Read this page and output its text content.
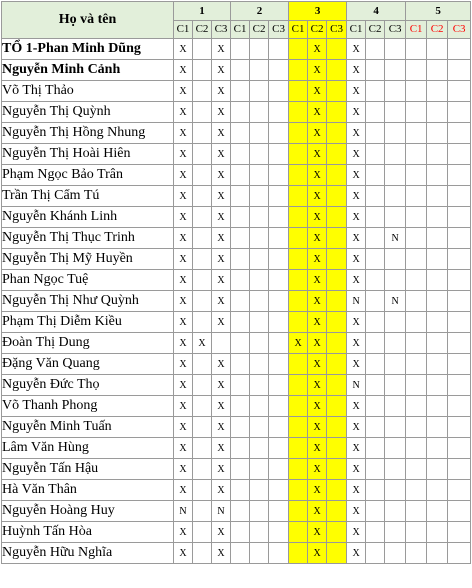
Họ và tên	1			2			3			4			5		
	C1	C2	C3	C1	C2	C3	C1	C2	C3	C1	C2	C3	C1	C2	C3
TỔ 1-Phan Minh Dũng	X		X					X		X					
Nguyễn Minh Cảnh	X		X					X		X					
Võ Thị Thảo	X		X					X		X					
Nguyễn Thị Quỳnh	X		X					X		X					
Nguyễn Thị Hồng Nhung	X		X					X		X					
Nguyễn Thị Hoài Hiên	X		X					X		X					
Phạm Ngọc Bảo Trân	X		X					X		X					
Trần Thị Cẩm Tú	X		X					X		X					
Nguyễn Khánh Linh	X		X					X		X					
Nguyễn Thị Thục Trinh	X		X					X		X		N			
Nguyễn Thị Mỹ Huyền	X		X					X		X					
Phan Ngọc Tuệ	X		X					X		X					
Nguyễn Thị Như Quỳnh	X		X					X		N		N			
Phạm Thị Diễm Kiều	X		X					X		X					
Đoàn Thị Dung	X	X					X	X		X					
Đặng Văn Quang	X		X					X		X					
Nguyễn Đức Thọ	X		X					X		N					
Võ Thanh Phong	X		X					X		X					
Nguyễn Minh Tuấn	X		X					X		X					
Lâm Văn Hùng	X		X					X		X					
Nguyễn Tấn Hậu	X		X					X		X					
Hà Văn Thân	X		X					X		X					
Nguyễn Hoàng Huy	N		N					X		X					
Huỳnh Tấn Hòa	X		X					X		X					
Nguyễn Hữu Nghĩa	X		X					X		X					
